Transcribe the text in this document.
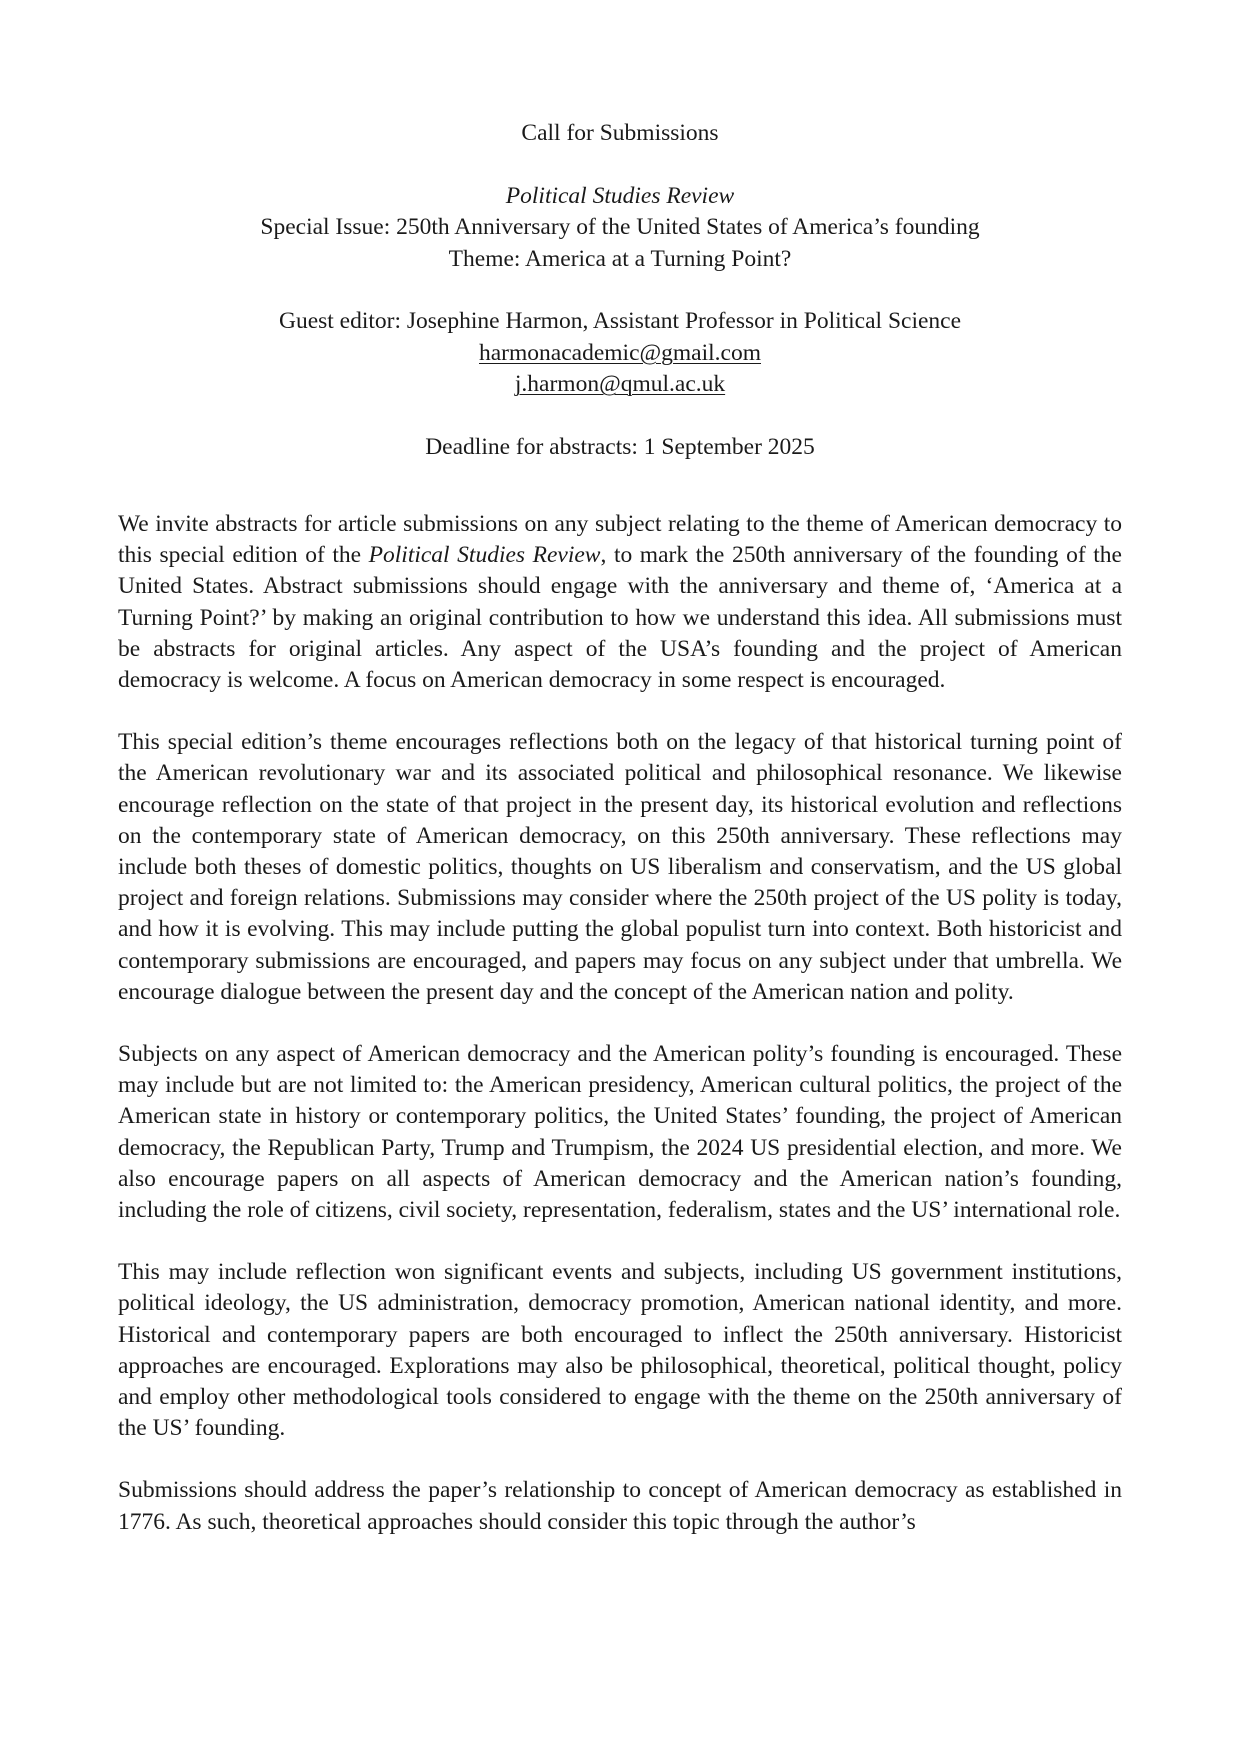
Call for Submissions

Political Studies Review

Special Issue: 250th Anniversary of the United States of America’s founding

Theme: America at a Turning Point?

Guest editor: Josephine Harmon, Assistant Professor in Political Science

harmonacademic@gmail.com

j.harmon@qmul.ac.uk

Deadline for abstracts: 1 September 2025

We invite abstracts for article submissions on any subject relating to the theme of American democracy to this special edition of the Political Studies Review, to mark the 250th anniversary of the founding of the United States. Abstract submissions should engage with the anniversary and theme of, ‘America at a Turning Point?’ by making an original contribution to how we understand this idea. All submissions must be abstracts for original articles. Any aspect of the USA’s founding and the project of American democracy is welcome. A focus on American democracy in some respect is encouraged.

This special edition’s theme encourages reflections both on the legacy of that historical turning point of the American revolutionary war and its associated political and philosophical resonance. We likewise encourage reflection on the state of that project in the present day, its historical evolution and reflections on the contemporary state of American democracy, on this 250th anniversary. These reflections may include both theses of domestic politics, thoughts on US liberalism and conservatism, and the US global project and foreign relations. Submissions may consider where the 250th project of the US polity is today, and how it is evolving. This may include putting the global populist turn into context. Both historicist and contemporary submissions are encouraged, and papers may focus on any subject under that umbrella. We encourage dialogue between the present day and the concept of the American nation and polity.

Subjects on any aspect of American democracy and the American polity’s founding is encouraged. These may include but are not limited to: the American presidency, American cultural politics, the project of the American state in history or contemporary politics, the United States’ founding, the project of American democracy, the Republican Party, Trump and Trumpism, the 2024 US presidential election, and more. We also encourage papers on all aspects of American democracy and the American nation’s founding, including the role of citizens, civil society, representation, federalism, states and the US’ international role.

This may include reflection won significant events and subjects, including US government institutions, political ideology, the US administration, democracy promotion, American national identity, and more. Historical and contemporary papers are both encouraged to inflect the 250th anniversary. Historicist approaches are encouraged. Explorations may also be philosophical, theoretical, political thought, policy and employ other methodological tools considered to engage with the theme on the 250th anniversary of the US’ founding.

Submissions should address the paper’s relationship to concept of American democracy as established in 1776. As such, theoretical approaches should consider this topic through the author’s
